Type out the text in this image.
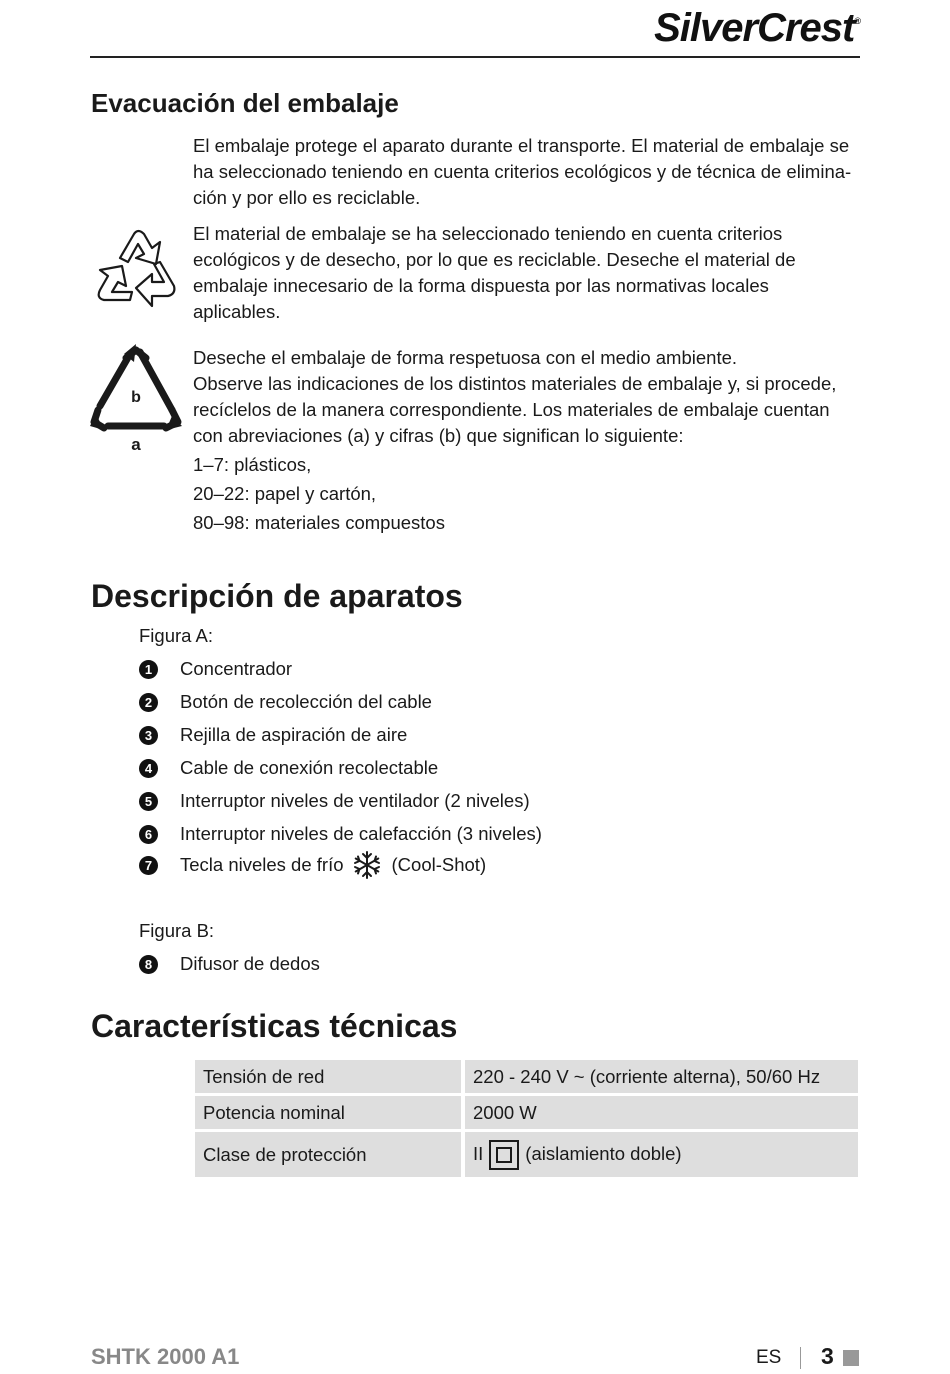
SilverCrest®
Evacuación del embalaje

El embalaje protege el aparato durante el transporte. El material de embalaje se
ha seleccionado teniendo en cuenta criterios ecológicos y de técnica de elimina-
ción y por ello es reciclable.

El material de embalaje se ha seleccionado teniendo en cuenta criterios
ecológicos y de desecho, por lo que es reciclable. Deseche el material de
embalaje innecesario de la forma dispuesta por las normativas locales
aplicables.

b
a

Deseche el embalaje de forma respetuosa con el medio ambiente.
Observe las indicaciones de los distintos materiales de embalaje y, si procede,
recíclelos de la manera correspondiente. Los materiales de embalaje cuentan
con abreviaciones (a) y cifras (b) que significan lo siguiente:

1–7: plásticos,

20–22: papel y cartón,

80–98: materiales compuestos

Descripción de aparatos

Figura A:

1	Concentrador
2	Botón de recolección del cable
3	Rejilla de aspiración de aire
4	Cable de conexión recolectable
5	Interruptor niveles de ventilador (2 niveles)
6	Interruptor niveles de calefacción (3 niveles)
7	Tecla niveles de frío	(Cool-Shot)

Figura B:

8	Difusor de dedos
Características técnicas
Tensión de red	220 - 240 V ~ (corriente alterna), 50/60 Hz
Potencia nominal	2000 W
Clase de protección	II (aislamiento doble)
SHTK 2000 A1	ES 3
